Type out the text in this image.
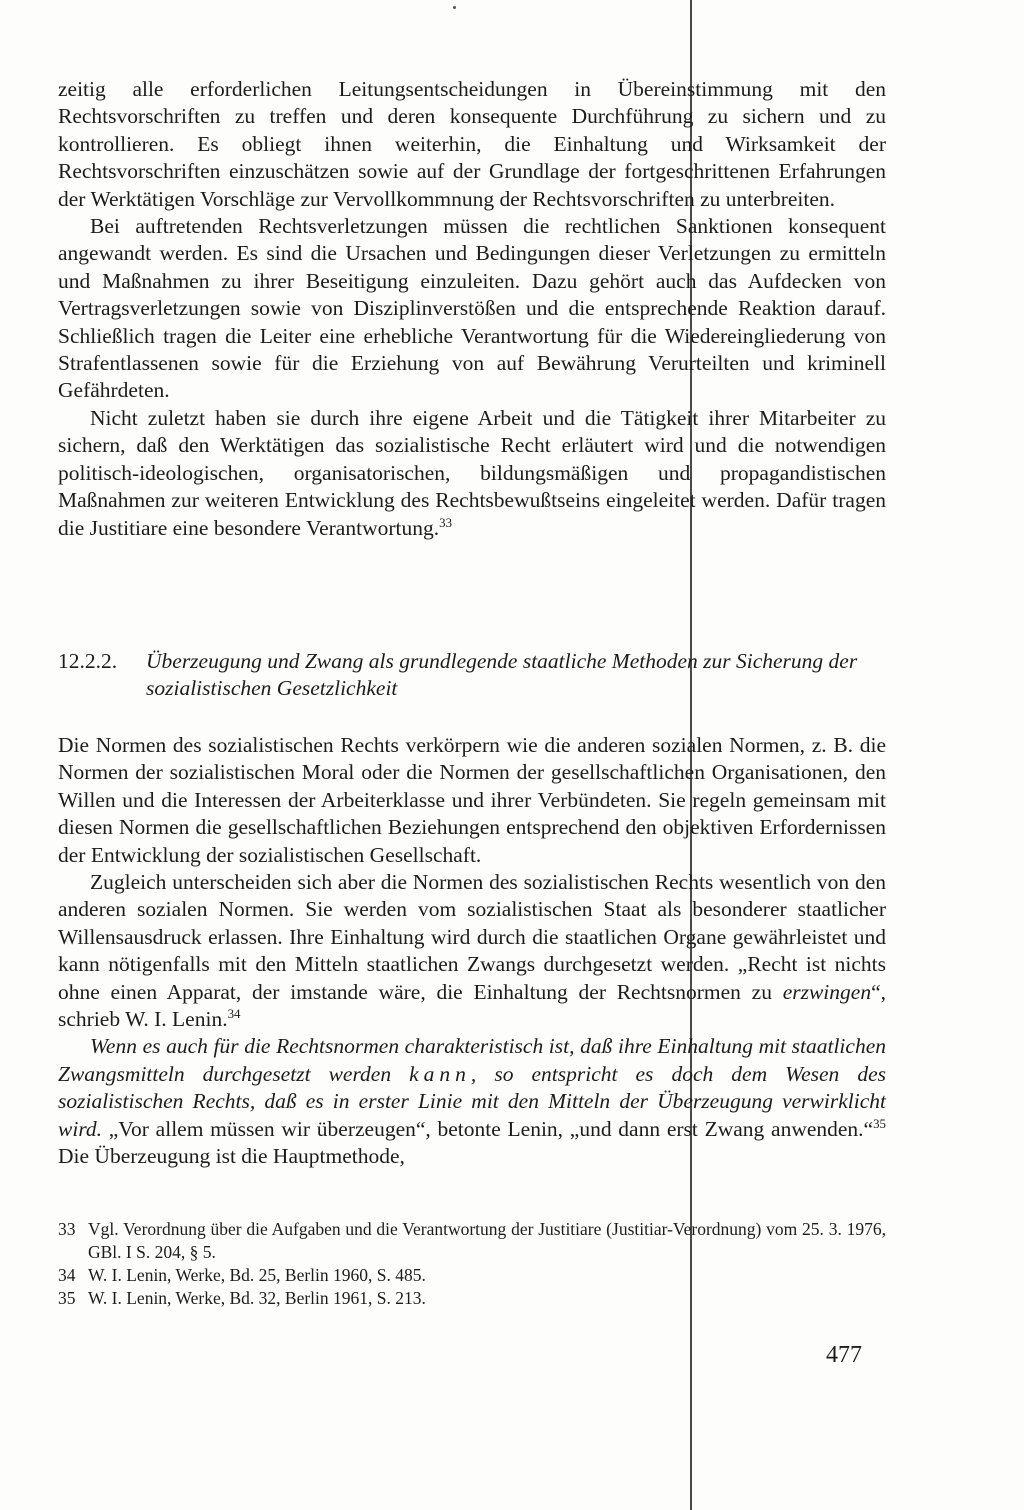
zeitig alle erforderlichen Leitungsentscheidungen in Übereinstimmung mit den Rechtsvorschriften zu treffen und deren konsequente Durchführung zu sichern und zu kontrollieren. Es obliegt ihnen weiterhin, die Einhaltung und Wirksamkeit der Rechtsvorschriften einzuschätzen sowie auf der Grundlage der fortgeschrittenen Erfahrungen der Werktätigen Vorschläge zur Vervollkommnung der Rechtsvorschriften zu unterbreiten.

Bei auftretenden Rechtsverletzungen müssen die rechtlichen Sanktionen konsequent angewandt werden. Es sind die Ursachen und Bedingungen dieser Verletzungen zu ermitteln und Maßnahmen zu ihrer Beseitigung einzuleiten. Dazu gehört auch das Aufdecken von Vertragsverletzungen sowie von Disziplinverstößen und die entsprechende Reaktion darauf. Schließlich tragen die Leiter eine erhebliche Verantwortung für die Wiedereingliederung von Strafentlassenen sowie für die Erziehung von auf Bewährung Verurteilten und kriminell Gefährdeten.

Nicht zuletzt haben sie durch ihre eigene Arbeit und die Tätigkeit ihrer Mitarbeiter zu sichern, daß den Werktätigen das sozialistische Recht erläutert wird und die notwendigen politisch-ideologischen, organisatorischen, bildungsmäßigen und propagandistischen Maßnahmen zur weiteren Entwicklung des Rechtsbewußtseins eingeleitet werden. Dafür tragen die Justitiare eine besondere Verantwortung.$^{33}$

12.2.2. Überzeugung und Zwang als grundlegende staatliche Methoden zur Sicherung der sozialistischen Gesetzlichkeit

Die Normen des sozialistischen Rechts verkörpern wie die anderen sozialen Normen, z. B. die Normen der sozialistischen Moral oder die Normen der gesellschaftlichen Organisationen, den Willen und die Interessen der Arbeiterklasse und ihrer Verbündeten. Sie regeln gemeinsam mit diesen Normen die gesellschaftlichen Beziehungen entsprechend den objektiven Erfordernissen der Entwicklung der sozialistischen Gesellschaft.

Zugleich unterscheiden sich aber die Normen des sozialistischen Rechts wesentlich von den anderen sozialen Normen. Sie werden vom sozialistischen Staat als besonderer staatlicher Willensausdruck erlassen. Ihre Einhaltung wird durch die staatlichen Organe gewährleistet und kann nötigenfalls mit den Mitteln staatlichen Zwangs durchgesetzt werden. „Recht ist nichts ohne einen Apparat, der imstande wäre, die Einhaltung der Rechtsnormen zu erzwingen“, schrieb W. I. Lenin.$^{34}$

Wenn es auch für die Rechtsnormen charakteristisch ist, daß ihre Einhaltung mit staatlichen Zwangsmitteln durchgesetzt werden kann, so entspricht es doch dem Wesen des sozialistischen Rechts, daß es in erster Linie mit den Mitteln der Überzeugung verwirklicht wird. „Vor allem müssen wir überzeugen“, betonte Lenin, „und dann erst Zwang anwenden.“$^{35}$ Die Überzeugung ist die Hauptmethode,

33 Vgl. Verordnung über die Aufgaben und die Verantwortung der Justitiare (Justitiar-Verordnung) vom 25. 3. 1976, GBl. I S. 204, § 5.
34 W. I. Lenin, Werke, Bd. 25, Berlin 1960, S. 485.
35 W. I. Lenin, Werke, Bd. 32, Berlin 1961, S. 213.
477
